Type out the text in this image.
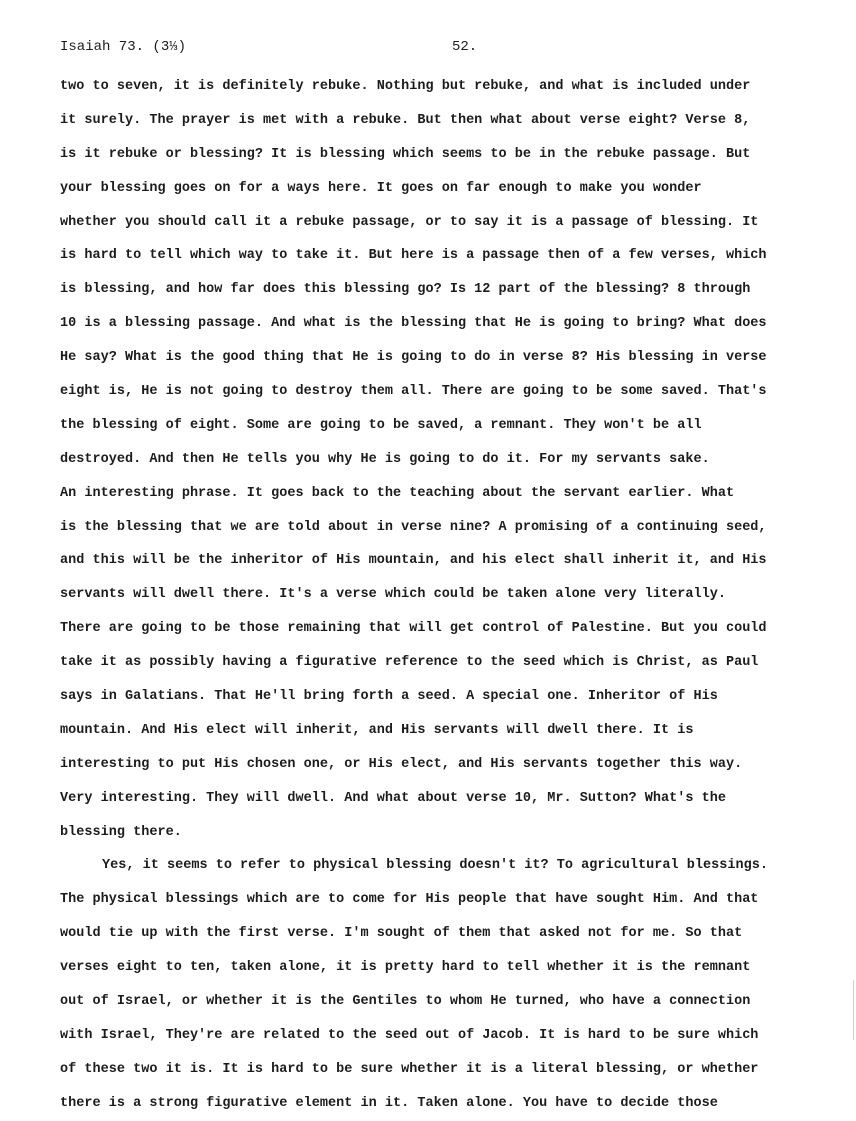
Isaiah 73. (3⅓)	52.
two to seven, it is definitely rebuke. Nothing but rebuke, and what is included under
it surely. The prayer is met with a rebuke. But then what about verse eight? Verse 8,
is it rebuke or blessing? It is blessing which seems to be in the rebuke passage. But
your blessing goes on for a ways here. It goes on far enough to make you wonder
whether you should call it a rebuke passage, or to say it is a passage of blessing. It
is hard to tell which way to take it. But here is a passage then of a few verses, which
is blessing, and how far does this blessing go? Is 12 part of the blessing? 8 through
10 is a blessing passage. And what is the blessing that He is going to bring? What does
He say? What is the good thing that He is going to do in verse 8? His blessing in verse
eight is, He is not going to destroy them all. There are going to be some saved. That's
the blessing of eight. Some are going to be saved, a remnant. They won't be all
destroyed. And then He tells you why He is going to do it. For my servants sake.
An interesting phrase. It goes back to the teaching about the servant earlier. What
is the blessing that we are told about in verse nine? A promising of a continuing seed,
and this will be the inheritor of His mountain, and his elect shall inherit it, and His
servants will dwell there. It's a verse which could be taken alone very literally.
There are going to be those remaining that will get control of Palestine. But you could
take it as possibly having a figurative reference to the seed which is Christ, as Paul
says in Galatians. That He'll bring forth a seed. A special one. Inheritor of His
mountain. And His elect will inherit, and His servants will dwell there. It is
interesting to put His chosen one, or His elect, and His servants together this way.
Very interesting. They will dwell. And what about verse 10, Mr. Sutton? What's the
blessing there.
Yes, it seems to refer to physical blessing doesn't it? To agricultural blessings.
The physical blessings which are to come for His people that have sought Him. And that
would tie up with the first verse. I'm sought of them that asked not for me. So that
verses eight to ten, taken alone, it is pretty hard to tell whether it is the remnant
out of Israel, or whether it is the Gentiles to whom He turned, who have a connection
with Israel, They're are related to the seed out of Jacob. It is hard to be sure which
of these two it is. It is hard to be sure whether it is a literal blessing, or whether
there is a strong figurative element in it. Taken alone. You have to decide those
